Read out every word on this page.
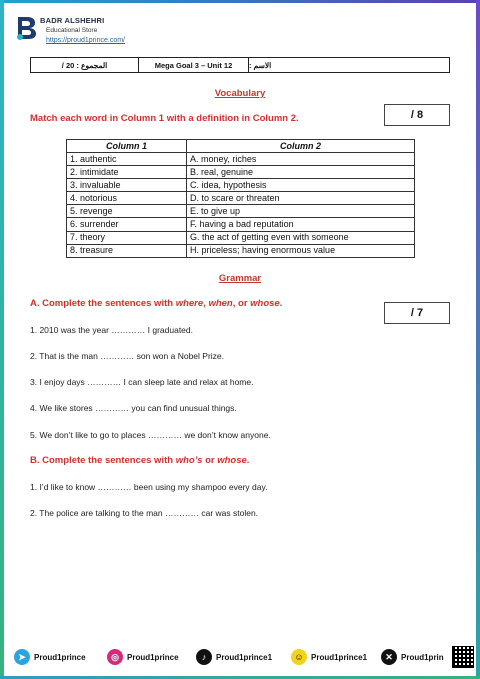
BADR ALSHEHRI
Educational Store
https://proud1prince.com/
المجموع : 20 /	Mega Goal 3 – Unit 12	الاسم :
Vocabulary
Match each word in Column 1 with a definition in Column 2.	/ 8
Column 1	Column 2
1. authentic	A. money, riches
2. intimidate	B. real, genuine
3. invaluable	C. idea, hypothesis
4. notorious	D. to scare or threaten
5. revenge	E. to give up
6. surrender	F. having a bad reputation
7. theory	G. the act of getting even with someone
8. treasure	H. priceless; having enormous value
Grammar
A. Complete the sentences with where, when, or whose.
/ 7
1. 2010 was the year ………… I graduated.
2. That is the man ………… son won a Nobel Prize.
3. I enjoy days ………… I can sleep late and relax at home.
4. We like stores ………… you can find unusual things.
5. We don’t like to go to places ………… we don’t know anyone.
B. Complete the sentences with who’s or whose.
1. I’d like to know ………… been using my shampoo every day.
2. The police are talking to the man ………… car was stolen.
➤	Proud1prince	◎	Proud1prince	♪	Proud1prince1	☺ Proud1prince1	✕	Proud1prin
